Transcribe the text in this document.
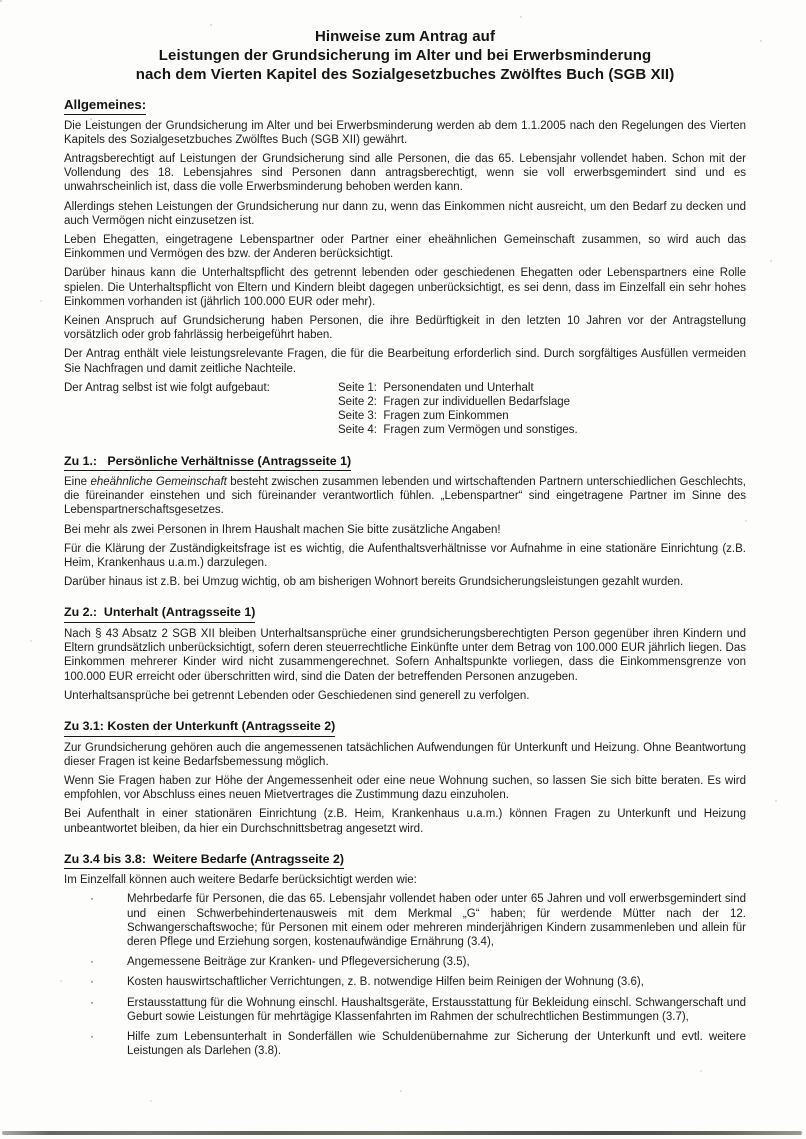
Hinweise zum Antrag auf
Leistungen der Grundsicherung im Alter und bei Erwerbsminderung
nach dem Vierten Kapitel des Sozialgesetzbuches Zwölftes Buch (SGB XII)
Allgemeines:

Die Leistungen der Grundsicherung im Alter und bei Erwerbsminderung werden ab dem 1.1.2005 nach den Regelungen des Vierten Kapitels des Sozialgesetzbuches Zwölftes Buch (SGB XII) gewährt.

Antragsberechtigt auf Leistungen der Grundsicherung sind alle Personen, die das 65. Lebensjahr vollendet haben. Schon mit der Vollendung des 18. Lebensjahres sind Personen dann antragsberechtigt, wenn sie voll erwerbsgemindert sind und es unwahrscheinlich ist, dass die volle Erwerbsminderung behoben werden kann.

Allerdings stehen Leistungen der Grundsicherung nur dann zu, wenn das Einkommen nicht ausreicht, um den Bedarf zu decken und auch Vermögen nicht einzusetzen ist.

Leben Ehegatten, eingetragene Lebenspartner oder Partner einer eheähnlichen Gemeinschaft zusammen, so wird auch das Einkommen und Vermögen des bzw. der Anderen berücksichtigt.

Darüber hinaus kann die Unterhaltspflicht des getrennt lebenden oder geschiedenen Ehegatten oder Lebenspartners eine Rolle spielen. Die Unterhaltspflicht von Eltern und Kindern bleibt dagegen unberücksichtigt, es sei denn, dass im Einzelfall ein sehr hohes Einkommen vorhanden ist (jährlich 100.000 EUR oder mehr).

Keinen Anspruch auf Grundsicherung haben Personen, die ihre Bedürftigkeit in den letzten 10 Jahren vor der Antragstellung vorsätzlich oder grob fahrlässig herbeigeführt haben.

Der Antrag enthält viele leistungsrelevante Fragen, die für die Bearbeitung erforderlich sind. Durch sorgfältiges Ausfüllen vermeiden Sie Nachfragen und damit zeitliche Nachteile.

Der Antrag selbst ist wie folgt aufgebaut:	Seite 1:  Personendaten und Unterhalt
Seite 2:  Fragen zur individuellen Bedarfslage
Seite 3:  Fragen zum Einkommen
Seite 4:  Fragen zum Vermögen und sonstiges.
Zu 1.:   Persönliche Verhältnisse (Antragsseite 1)

Eine eheähnliche Gemeinschaft besteht zwischen zusammen lebenden und wirtschaftenden Partnern unterschiedlichen Geschlechts, die füreinander einstehen und sich füreinander verantwortlich fühlen. „Lebenspartner“ sind eingetragene Partner im Sinne des Lebenspartnerschaftsgesetzes.

Bei mehr als zwei Personen in Ihrem Haushalt machen Sie bitte zusätzliche Angaben!

Für die Klärung der Zuständigkeitsfrage ist es wichtig, die Aufenthaltsverhältnisse vor Aufnahme in eine stationäre Einrichtung (z.B. Heim, Krankenhaus u.a.m.) darzulegen.

Darüber hinaus ist z.B. bei Umzug wichtig, ob am bisherigen Wohnort bereits Grundsicherungsleistungen gezahlt wurden.

Zu 2.:  Unterhalt (Antragsseite 1)

Nach § 43 Absatz 2 SGB XII bleiben Unterhaltsansprüche einer grundsicherungsberechtigten Person gegenüber ihren Kindern und Eltern grundsätzlich unberücksichtigt, sofern deren steuerrechtliche Einkünfte unter dem Betrag von 100.000 EUR jährlich liegen. Das Einkommen mehrerer Kinder wird nicht zusammengerechnet. Sofern Anhaltspunkte vorliegen, dass die Einkommensgrenze von 100.000 EUR erreicht oder überschritten wird, sind die Daten der betreffenden Personen anzugeben.

Unterhaltsansprüche bei getrennt Lebenden oder Geschiedenen sind generell zu verfolgen.

Zu 3.1: Kosten der Unterkunft (Antragsseite 2)

Zur Grundsicherung gehören auch die angemessenen tatsächlichen Aufwendungen für Unterkunft und Heizung. Ohne Beantwortung dieser Fragen ist keine Bedarfsbemessung möglich.

Wenn Sie Fragen haben zur Höhe der Angemessenheit oder eine neue Wohnung suchen, so lassen Sie sich bitte beraten. Es wird empfohlen, vor Abschluss eines neuen Mietvertrages die Zustimmung dazu einzuholen.

Bei Aufenthalt in einer stationären Einrichtung (z.B. Heim, Krankenhaus u.a.m.) können Fragen zu Unterkunft und Heizung unbeantwortet bleiben, da hier ein Durchschnittsbetrag angesetzt wird.

Zu 3.4 bis 3.8:  Weitere Bedarfe (Antragsseite 2)

Im Einzelfall können auch weitere Bedarfe berücksichtigt werden wie:

·	Mehrbedarfe für Personen, die das 65. Lebensjahr vollendet haben oder unter 65 Jahren und voll erwerbsgemindert sind und einen Schwerbehindertenausweis mit dem Merkmal „G“ haben; für werdende Mütter nach der 12. Schwangerschaftswoche; für Personen mit einem oder mehreren minderjährigen Kindern zusammenleben und allein für deren Pflege und Erziehung sorgen, kostenaufwändige Ernährung (3.4),
·	Angemessene Beiträge zur Kranken- und Pflegeversicherung (3.5),
·	Kosten hauswirtschaftlicher Verrichtungen, z. B. notwendige Hilfen beim Reinigen der Wohnung (3.6),
·	Erstausstattung für die Wohnung einschl. Haushaltsgeräte, Erstausstattung für Bekleidung einschl. Schwangerschaft und Geburt sowie Leistungen für mehrtägige Klassenfahrten im Rahmen der schulrechtlichen Bestimmungen (3.7),
·	Hilfe zum Lebensunterhalt in Sonderfällen wie Schuldenübernahme zur Sicherung der Unterkunft und evtl. weitere Leistungen als Darlehen (3.8).
